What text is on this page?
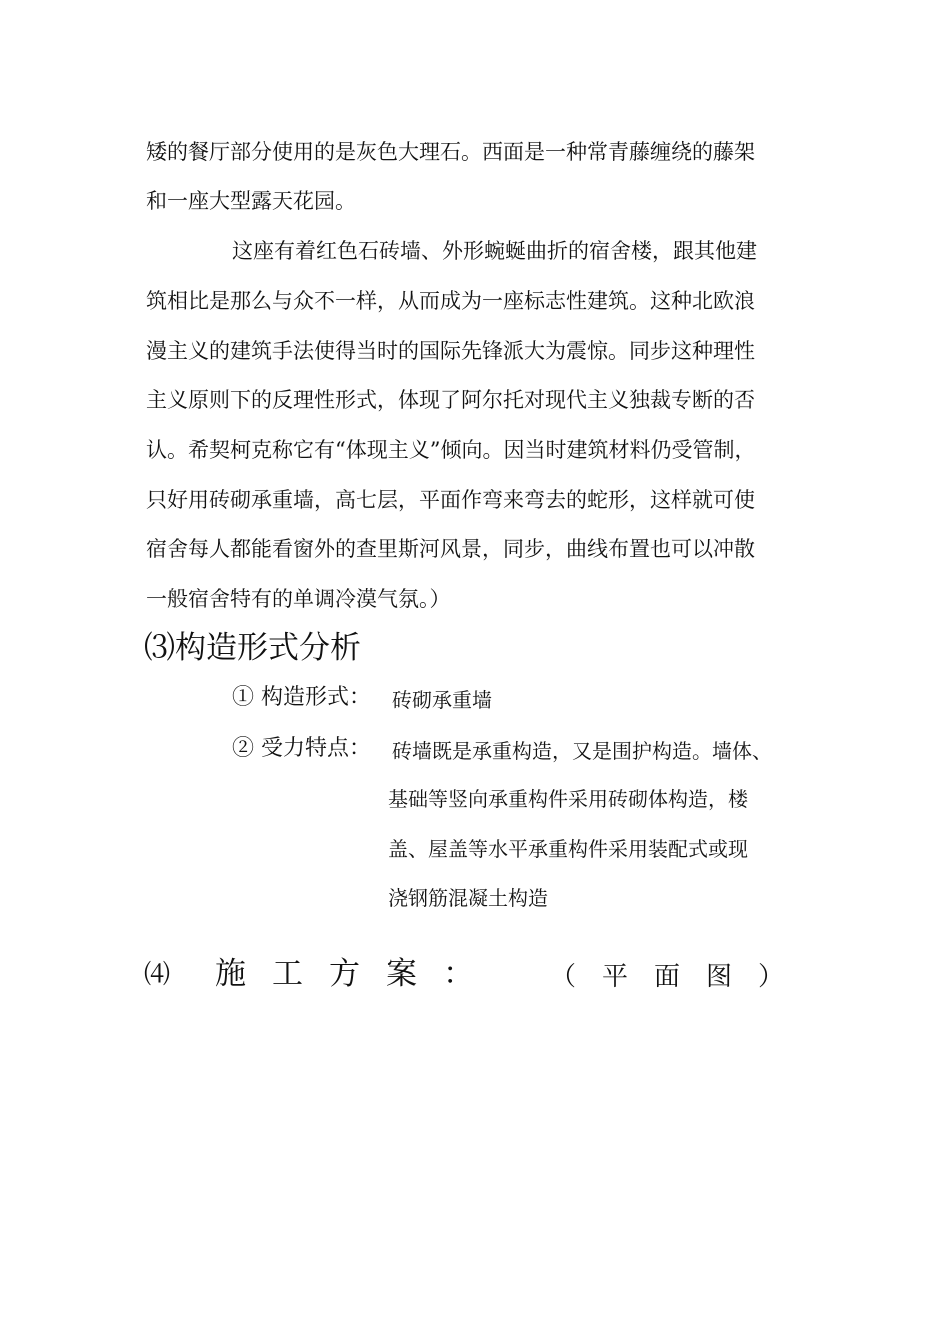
矮的餐厅部分使用的是灰色大理石。西面是一种常青藤缠绕的藤架
和一座大型露天花园。
这座有着红色石砖墙、外形蜿蜒曲折的宿舍楼，跟其他建
筑相比是那么与众不一样，从而成为一座标志性建筑。这种北欧浪
漫主义的建筑手法使得当时的国际先锋派大为震惊。同步这种理性
主义原则下的反理性形式，体现了阿尔托对现代主义独裁专断的否
认。希契柯克称它有“体现主义”倾向。因当时建筑材料仍受管制，
只好用砖砌承重墙，高七层，平面作弯来弯去的蛇形，这样就可使
宿舍每人都能看窗外的查里斯河风景，同步，曲线布置也可以冲散
一般宿舍特有的单调冷漠气氛。）
⑶构造形式分析
① 构造形式： 砖砌承重墙
② 受力特点： 砖墙既是承重构造，又是围护构造。墙体、
基础等竖向承重构件采用砖砌体构造，楼
盖、屋盖等水平承重构件采用装配式或现
浇钢筋混凝土构造
⑷ 施工方案： （平面图）
